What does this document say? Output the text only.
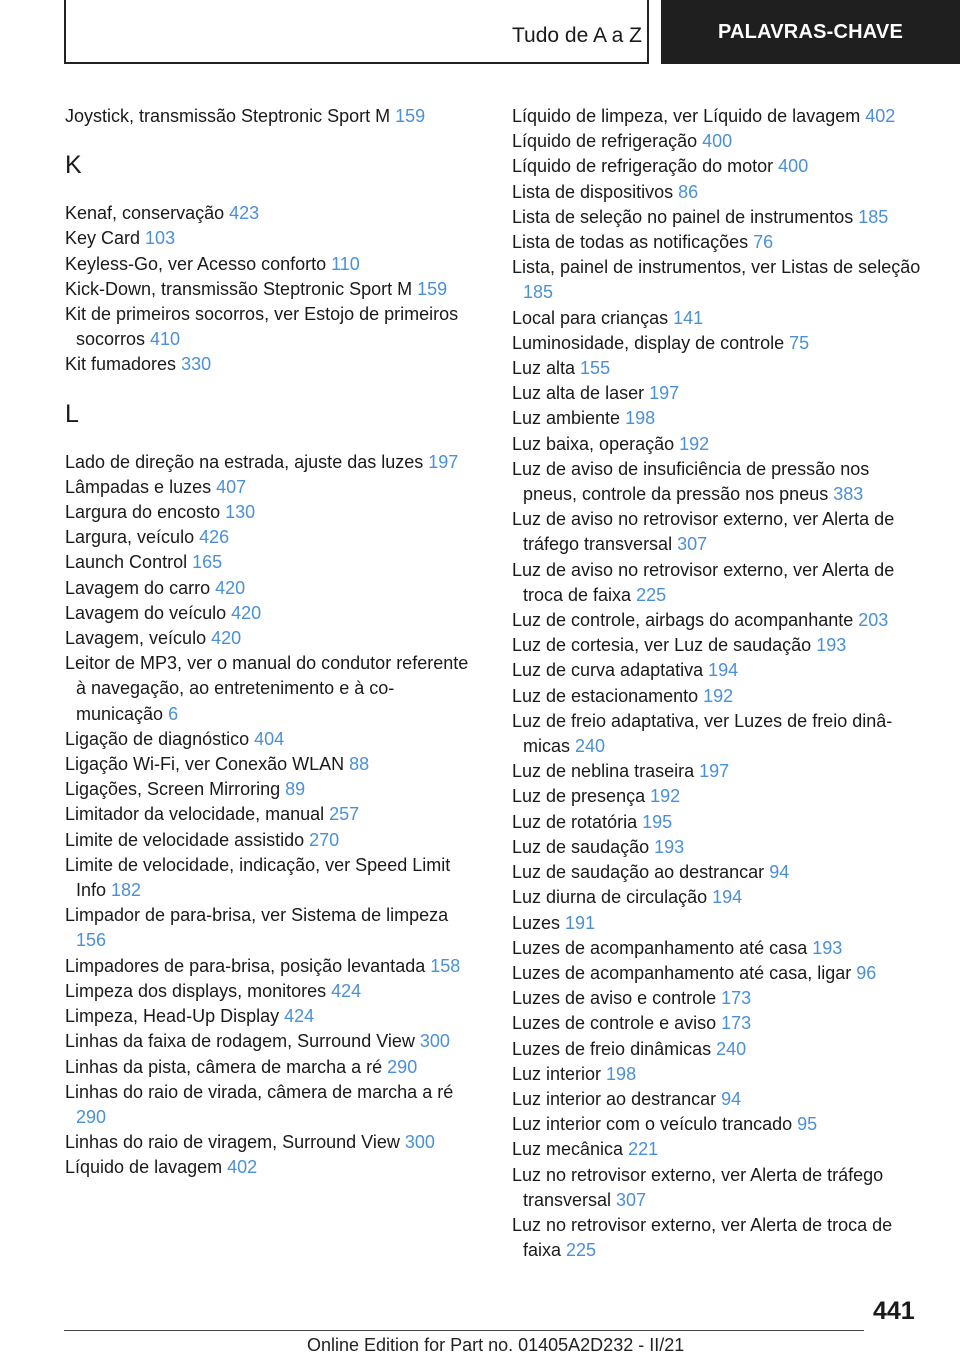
Tudo de A a Z	PALAVRAS-CHAVE
Joystick, transmissão Steptronic Sport M 159
K
Kenaf, conservação 423
Key Card 103
Keyless-Go, ver Acesso conforto 110
Kick-Down, transmissão Steptronic Sport M 159
Kit de primeiros socorros, ver Estojo de primeiros socorros 410
Kit fumadores 330
L
Lado de direção na estrada, ajuste das luzes 197
Lâmpadas e luzes 407
Largura do encosto 130
Largura, veículo 426
Launch Control 165
Lavagem do carro 420
Lavagem do veículo 420
Lavagem, veículo 420
Leitor de MP3, ver o manual do condutor referente à navegação, ao entretenimento e à comunicação 6
Ligação de diagnóstico 404
Ligação Wi-Fi, ver Conexão WLAN 88
Ligações, Screen Mirroring 89
Limitador da velocidade, manual 257
Limite de velocidade assistido 270
Limite de velocidade, indicação, ver Speed Limit Info 182
Limpador de para-brisa, ver Sistema de limpeza 156
Limpadores de para-brisa, posição levantada 158
Limpeza dos displays, monitores 424
Limpeza, Head-Up Display 424
Linhas da faixa de rodagem, Surround View 300
Linhas da pista, câmera de marcha a ré 290
Linhas do raio de virada, câmera de marcha a ré 290
Linhas do raio de viragem, Surround View 300
Líquido de lavagem 402
Líquido de limpeza, ver Líquido de lavagem 402
Líquido de refrigeração 400
Líquido de refrigeração do motor 400
Lista de dispositivos 86
Lista de seleção no painel de instrumentos 185
Lista de todas as notificações 76
Lista, painel de instrumentos, ver Listas de seleção 185
Local para crianças 141
Luminosidade, display de controle 75
Luz alta 155
Luz alta de laser 197
Luz ambiente 198
Luz baixa, operação 192
Luz de aviso de insuficiência de pressão nos pneus, controle da pressão nos pneus 383
Luz de aviso no retrovisor externo, ver Alerta de tráfego transversal 307
Luz de aviso no retrovisor externo, ver Alerta de troca de faixa 225
Luz de controle, airbags do acompanhante 203
Luz de cortesia, ver Luz de saudação 193
Luz de curva adaptativa 194
Luz de estacionamento 192
Luz de freio adaptativa, ver Luzes de freio dinâmicas 240
Luz de neblina traseira 197
Luz de presença 192
Luz de rotatória 195
Luz de saudação 193
Luz de saudação ao destrancar 94
Luz diurna de circulação 194
Luzes 191
Luzes de acompanhamento até casa 193
Luzes de acompanhamento até casa, ligar 96
Luzes de aviso e controle 173
Luzes de controle e aviso 173
Luzes de freio dinâmicas 240
Luz interior 198
Luz interior ao destrancar 94
Luz interior com o veículo trancado 95
Luz mecânica 221
Luz no retrovisor externo, ver Alerta de tráfego transversal 307
Luz no retrovisor externo, ver Alerta de troca de faixa 225
441
Online Edition for Part no. 01405A2D232 - II/21
